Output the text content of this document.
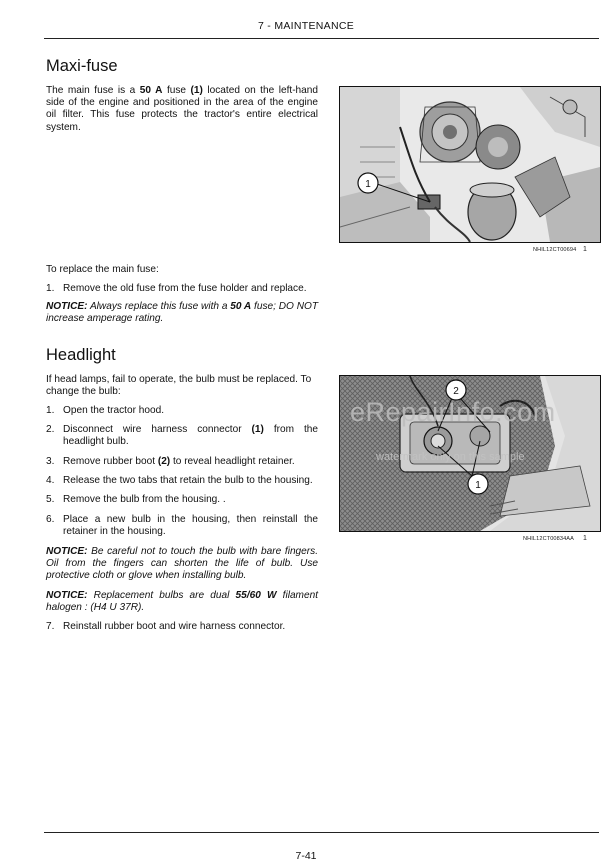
7 - MAINTENANCE
Maxi-fuse
The main fuse is a 50 A fuse (1) located on the left-hand side of the engine and positioned in the area of the engine oil filter. This fuse protects the tractor's entire electrical system.
1
NHIL12CT00694 1
To replace the main fuse:
1. Remove the old fuse from the fuse holder and replace.
NOTICE: Always replace this fuse with a 50 A fuse; DO NOT increase amperage rating.
Headlight
If head lamps, fail to operate, the bulb must be replaced. To change the bulb:
1. Open the tractor hood.
2. Disconnect wire harness connector (1) from the headlight bulb.
3. Remove rubber boot (2) to reveal headlight retainer.
4. Release the two tabs that retain the bulb to the housing.
5. Remove the bulb from the housing. .
6. Place a new bulb in the housing, then reinstall the retainer in the housing.
NOTICE: Be careful not to touch the bulb with bare fingers. Oil from the fingers can shorten the life of bulb. Use protective cloth or glove when installing bulb.
NOTICE: Replacement bulbs are dual 55/60 W filament halogen : (H4 U 37R).
7. Reinstall rubber boot and wire harness connector.
2
1
NHIL12CT00834AA 1
eRepairInfo.com
watermark only on this sample
7-41
